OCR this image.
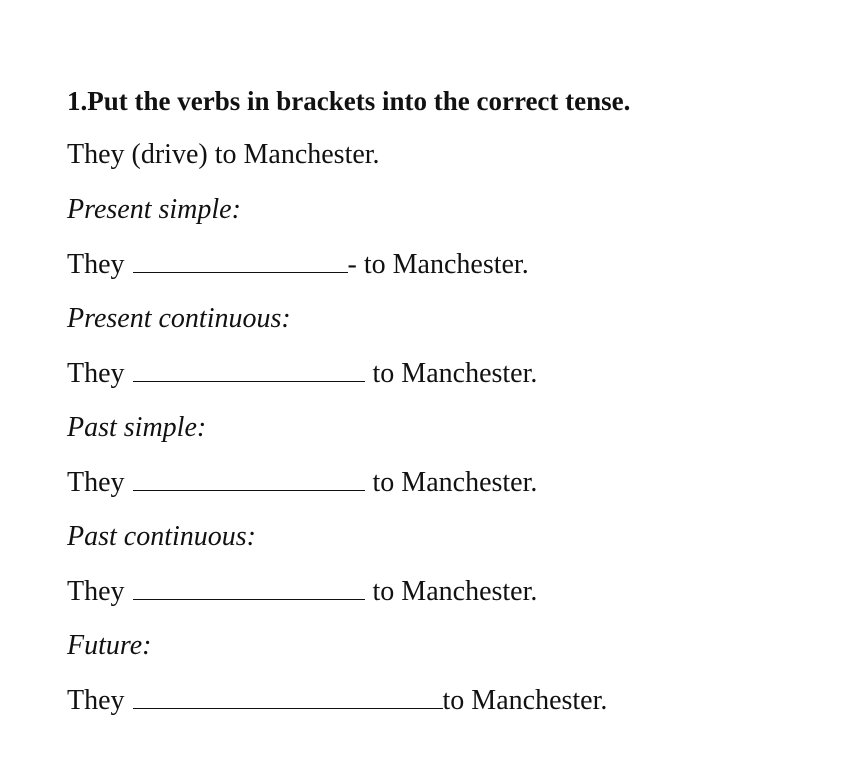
1.Put the verbs in brackets into the correct tense.
They (drive) to Manchester.
Present simple:
They	- to Manchester.
Present continuous:
They	to Manchester.
Past simple:
They	to Manchester.
Past continuous:
They	to Manchester.
Future:
They	to Manchester.
